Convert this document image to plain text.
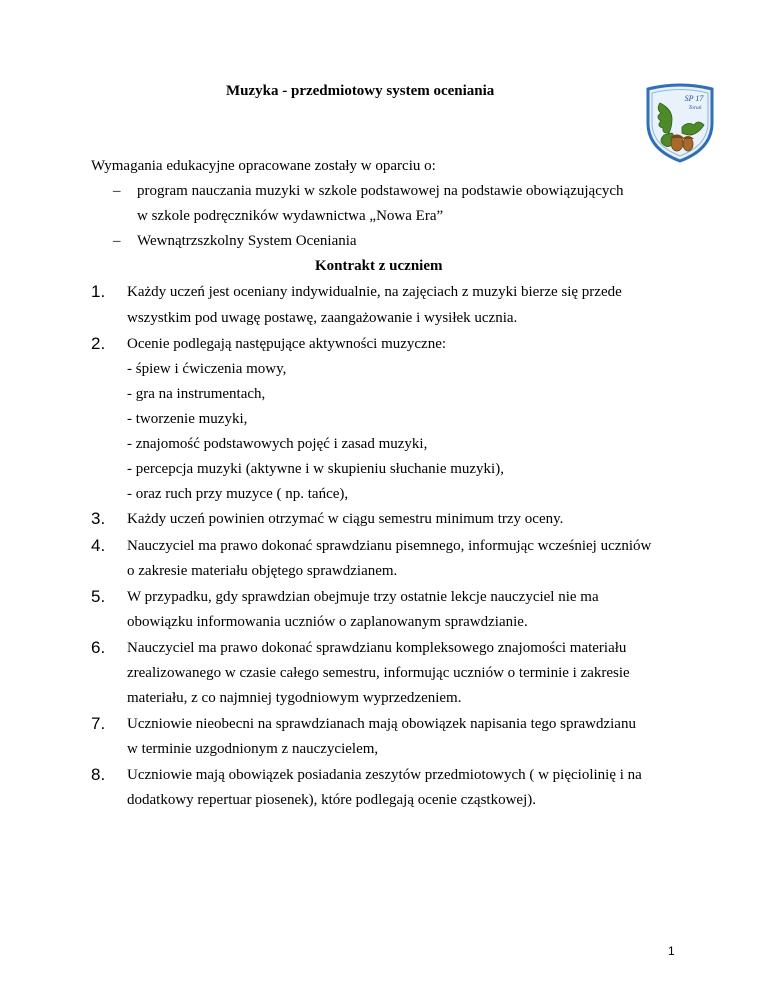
Muzyka - przedmiotowy system oceniania	SP 17
Toruń
Wymagania edukacyjne opracowane zostały w oparciu o:
– program nauczania muzyki w szkole podstawowej na podstawie obowiązujących
w szkole podręczników wydawnictwa „Nowa Era”
– Wewnątrzszkolny System Oceniania
Kontrakt z uczniem
1. Każdy uczeń jest oceniany indywidualnie, na zajęciach z muzyki bierze się przede
wszystkim pod uwagę postawę, zaangażowanie i wysiłek ucznia.
2. Ocenie podlegają następujące aktywności muzyczne:
- śpiew i ćwiczenia mowy,
- gra na instrumentach,
- tworzenie muzyki,
- znajomość podstawowych pojęć i zasad muzyki,
- percepcja muzyki (aktywne i w skupieniu słuchanie muzyki),
- oraz ruch przy muzyce ( np. tańce),
3. Każdy uczeń powinien otrzymać w ciągu semestru minimum trzy oceny.
4. Nauczyciel ma prawo dokonać sprawdzianu pisemnego, informując wcześniej uczniów
o zakresie materiału objętego sprawdzianem.
5. W przypadku, gdy sprawdzian obejmuje trzy ostatnie lekcje nauczyciel nie ma
obowiązku informowania uczniów o zaplanowanym sprawdzianie.
6. Nauczyciel ma prawo dokonać sprawdzianu kompleksowego znajomości materiału
zrealizowanego w czasie całego semestru, informując uczniów o terminie i zakresie
materiału, z co najmniej tygodniowym wyprzedzeniem.
7. Uczniowie nieobecni na sprawdzianach mają obowiązek napisania tego sprawdzianu
w terminie uzgodnionym z nauczycielem,
8. Uczniowie mają obowiązek posiadania zeszytów przedmiotowych ( w pięciolinię i na
dodatkowy repertuar piosenek), które podlegają ocenie cząstkowej).
1
